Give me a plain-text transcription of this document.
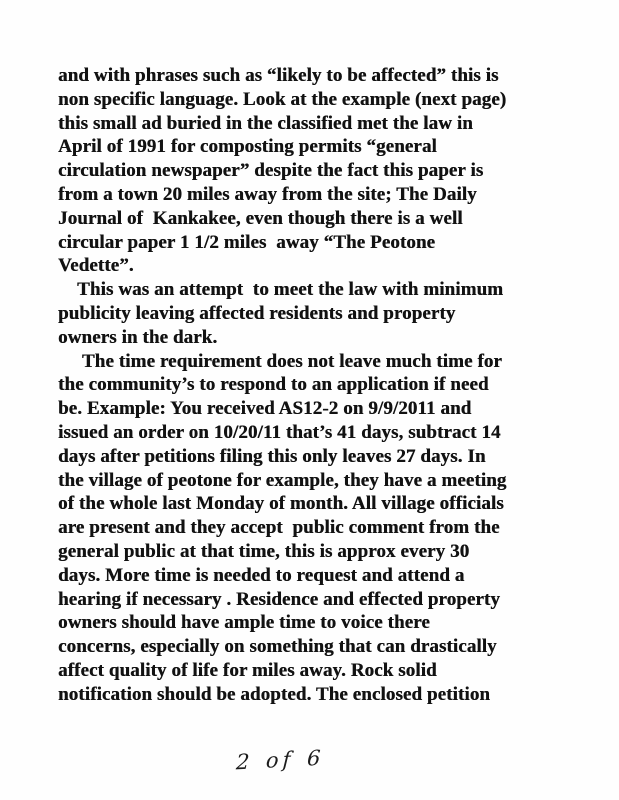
and with phrases such as “likely to be affected” this is
non specific language. Look at the example (next page)
this small ad buried in the classified met the law in
April of 1991 for composting permits “general
circulation newspaper” despite the fact this paper is
from a town 20 miles away from the site; The Daily
Journal of  Kankakee, even though there is a well
circular paper 1 1/2 miles  away “The Peotone
Vedette”.
This was an attempt  to meet the law with minimum
publicity leaving affected residents and property
owners in the dark.
The time requirement does not leave much time for
the community’s to respond to an application if need
be. Example: You received AS12-2 on 9/9/2011 and
issued an order on 10/20/11 that’s 41 days, subtract 14
days after petitions filing this only leaves 27 days. In
the village of peotone for example, they have a meeting
of the whole last Monday of month. All village officials
are present and they accept  public comment from the
general public at that time, this is approx every 30
days. More time is needed to request and attend a
hearing if necessary . Residence and effected property
owners should have ample time to voice there
concerns, especially on something that can drastically
affect quality of life for miles away. Rock solid
notification should be adopted. The enclosed petition
2 of 6
